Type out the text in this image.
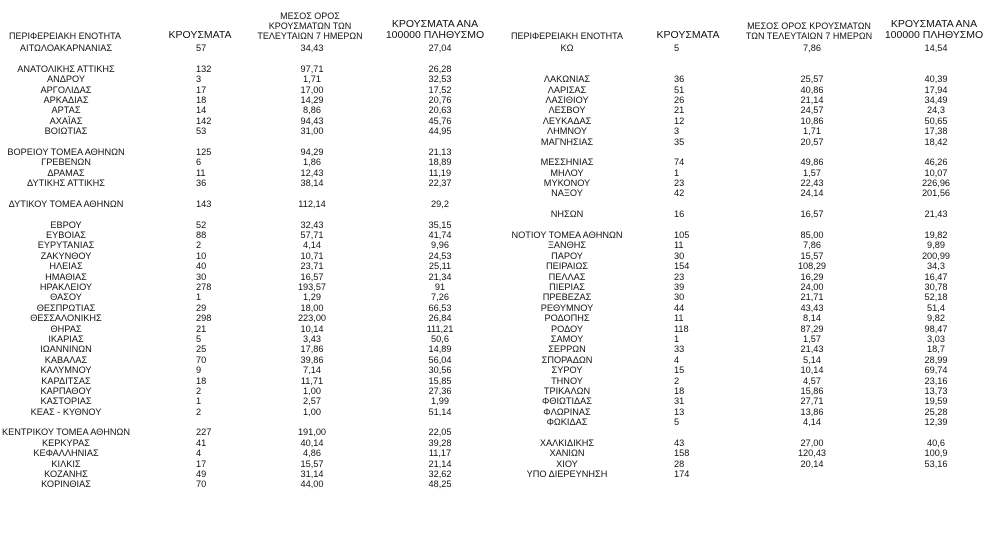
ΠΕΡΙΦΕΡΕΙΑΚΗ ΕΝΟΤΗΤΑ	ΚΡΟΥΣΜΑΤΑ
ΜΕΣΟΣ ΟΡΟΣ ΚΡΟΥΣΜΑΤΩΝ ΤΩΝ ΤΕΛΕΥΤΑΙΩΝ 7 ΗΜΕΡΩΝ
ΚΡΟΥΣΜΑΤΑ ΑΝΑ 100000 ΠΛΗΘΥΣΜΟ
ΑΙΤΩΛΟΑΚΑΡΝΑΝΙΑΣ	57	34,43	27,04
ΑΝΑΤΟΛΙΚΗΣ ΑΤΤΙΚΗΣ	132	97,71	26,28
ΑΝΔΡΟΥ	3	1,71	32,53
ΑΡΓΟΛΙΔΑΣ	17	17,00	17,52
ΑΡΚΑΔΙΑΣ	18	14,29	20,76
ΑΡΤΑΣ	14	8,86	20,63
ΑΧΑΪΑΣ	142	94,43	45,76
ΒΟΙΩΤΙΑΣ	53	31,00	44,95
ΒΟΡΕΙΟΥ ΤΟΜΕΑ ΑΘΗΝΩΝ	125	94,29	21,13
ΓΡΕΒΕΝΩΝ	6	1,86	18,89
ΔΡΑΜΑΣ	11	12,43	11,19
ΔΥΤΙΚΗΣ ΑΤΤΙΚΗΣ	36	38,14	22,37
ΔΥΤΙΚΟΥ ΤΟΜΕΑ ΑΘΗΝΩΝ	143	112,14	29,2
ΕΒΡΟΥ	52	32,43	35,15
ΕΥΒΟΙΑΣ	88	57,71	41,74
ΕΥΡΥΤΑΝΙΑΣ	2	4,14	9,96
ΖΑΚΥΝΘΟΥ	10	10,71	24,53
ΗΛΕΙΑΣ	40	23,71	25,11
ΗΜΑΘΙΑΣ	30	16,57	21,34
ΗΡΑΚΛΕΙΟΥ	278	193,57	91
ΘΑΣΟΥ	1	1,29	7,26
ΘΕΣΠΡΩΤΙΑΣ	29	18,00	66,53
ΘΕΣΣΑΛΟΝΙΚΗΣ	298	223,00	26,84
ΘΗΡΑΣ	21	10,14	111,21
ΙΚΑΡΙΑΣ	5	3,43	50,6
ΙΩΑΝΝΙΝΩΝ	25	17,86	14,89
ΚΑΒΑΛΑΣ	70	39,86	56,04
ΚΑΛΥΜΝΟΥ	9	7,14	30,56
ΚΑΡΔΙΤΣΑΣ	18	11,71	15,85
ΚΑΡΠΑΘΟΥ	2	1,00	27,36
ΚΑΣΤΟΡΙΑΣ	1	2,57	1,99
ΚΕΑΣ - ΚΥΘΝΟΥ	2	1,00	51,14
ΚΕΝΤΡΙΚΟΥ ΤΟΜΕΑ ΑΘΗΝΩΝ	227	191,00	22,05
ΚΕΡΚΥΡΑΣ	41	40,14	39,28
ΚΕΦΑΛΛΗΝΙΑΣ	4	4,86	11,17
ΚΙΛΚΙΣ	17	15,57	21,14
ΚΟΖΑΝΗΣ	49	31,14	32,62
ΚΟΡΙΝΘΙΑΣ	70	44,00	48,25
ΠΕΡΙΦΕΡΕΙΑΚΗ ΕΝΟΤΗΤΑ	ΚΡΟΥΣΜΑΤΑ
ΜΕΣΟΣ ΟΡΟΣ ΚΡΟΥΣΜΑΤΩΝ ΤΩΝ ΤΕΛΕΥΤΑΙΩΝ 7 ΗΜΕΡΩΝ
ΚΡΟΥΣΜΑΤΑ ΑΝΑ 100000 ΠΛΗΘΥΣΜΟ
ΚΩ	5	7,86	14,54
ΛΑΚΩΝΙΑΣ	36	25,57	40,39
ΛΑΡΙΣΑΣ	51	40,86	17,94
ΛΑΣΙΘΙΟΥ	26	21,14	34,49
ΛΕΣΒΟΥ	21	24,57	24,3
ΛΕΥΚΑΔΑΣ	12	10,86	50,65
ΛΗΜΝΟΥ	3	1,71	17,38
ΜΑΓΝΗΣΙΑΣ	35	20,57	18,42
ΜΕΣΣΗΝΙΑΣ	74	49,86	46,26
ΜΗΛΟΥ	1	1,57	10,07
ΜΥΚΟΝΟΥ	23	22,43	226,96
ΝΑΞΟΥ	42	24,14	201,56
ΝΗΣΩΝ	16	16,57	21,43
ΝΟΤΙΟΥ ΤΟΜΕΑ ΑΘΗΝΩΝ	105	85,00	19,82
ΞΑΝΘΗΣ	11	7,86	9,89
ΠΑΡΟΥ	30	15,57	200,99
ΠΕΙΡΑΙΩΣ	154	108,29	34,3
ΠΕΛΛΑΣ	23	16,29	16,47
ΠΙΕΡΙΑΣ	39	24,00	30,78
ΠΡΕΒΕΖΑΣ	30	21,71	52,18
ΡΕΘΥΜΝΟΥ	44	43,43	51,4
ΡΟΔΟΠΗΣ	11	8,14	9,82
ΡΟΔΟΥ	118	87,29	98,47
ΣΑΜΟΥ	1	1,57	3,03
ΣΕΡΡΩΝ	33	21,43	18,7
ΣΠΟΡΑΔΩΝ	4	5,14	28,99
ΣΥΡΟΥ	15	10,14	69,74
ΤΗΝΟΥ	2	4,57	23,16
ΤΡΙΚΑΛΩΝ	18	15,86	13,73
ΦΘΙΩΤΙΔΑΣ	31	27,71	19,59
ΦΛΩΡΙΝΑΣ	13	13,86	25,28
ΦΩΚΙΔΑΣ	5	4,14	12,39
ΧΑΛΚΙΔΙΚΗΣ	43	27,00	40,6
ΧΑΝΙΩΝ	158	120,43	100,9
ΧΙΟΥ	28	20,14	53,16
ΥΠΟ ΔΙΕΡΕΥΝΗΣΗ	174
